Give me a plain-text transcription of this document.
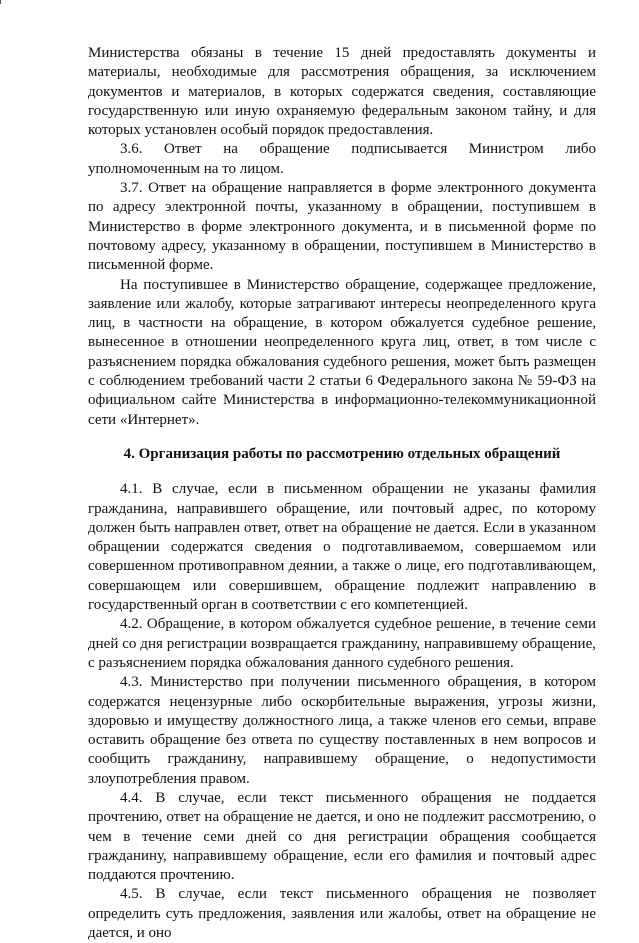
Министерства обязаны в течение 15 дней предоставлять документы и материалы, необходимые для рассмотрения обращения, за исключением документов и материалов, в которых содержатся сведения, составляющие государственную или иную охраняемую федеральным законом тайну, и для которых установлен особый порядок предоставления.

3.6.     Ответ     на     обращение     подписывается     Министром     либо

уполномоченным на то лицом.

3.7. Ответ на обращение направляется в форме электронного документа по адресу электронной почты, указанному в обращении, поступившем в Министерство в форме электронного документа, и в письменной форме по почтовому адресу, указанному в обращении, поступившем в Министерство в письменной форме.

На поступившее в Министерство обращение, содержащее предложение, заявление или жалобу, которые затрагивают интересы неопределенного круга лиц, в частности на обращение, в котором обжалуется судебное решение, вынесенное в отношении неопределенного круга лиц, ответ, в том числе с разъяснением порядка обжалования судебного решения, может быть размещен с соблюдением требований части 2 статьи 6 Федерального закона № 59-ФЗ на официальном сайте Министерства в информационно-телекоммуникационной сети «Интернет».

4. Организация работы по рассмотрению отдельных обращений

4.1. В случае, если в письменном обращении не указаны фамилия гражданина, направившего обращение, или почтовый адрес, по которому должен быть направлен ответ, ответ на обращение не дается. Если в указанном обращении содержатся сведения о подготавливаемом, совершаемом или совершенном противоправном деянии, а также о лице, его подготавливающем, совершающем или совершившем, обращение подлежит направлению в государственный орган в соответствии с его компетенцией.

4.2. Обращение, в котором обжалуется судебное решение, в течение семи дней со дня регистрации возвращается гражданину, направившему обращение, с разъяснением порядка обжалования данного судебного решения.

4.3. Министерство при получении письменного обращения, в котором содержатся нецензурные либо оскорбительные выражения, угрозы жизни, здоровью и имуществу должностного лица, а также членов его семьи, вправе оставить обращение без ответа по существу поставленных в нем вопросов и сообщить гражданину, направившему обращение, о недопустимости злоупотребления правом.

4.4. В случае, если текст письменного обращения не поддается прочтению, ответ на обращение не дается, и оно не подлежит рассмотрению, о чем в течение семи дней со дня регистрации обращения сообщается гражданину, направившему обращение, если его фамилия и почтовый адрес поддаются прочтению.

4.5. В случае, если текст письменного обращения не позволяет определить суть предложения, заявления или жалобы, ответ на обращение не дается, и оно
